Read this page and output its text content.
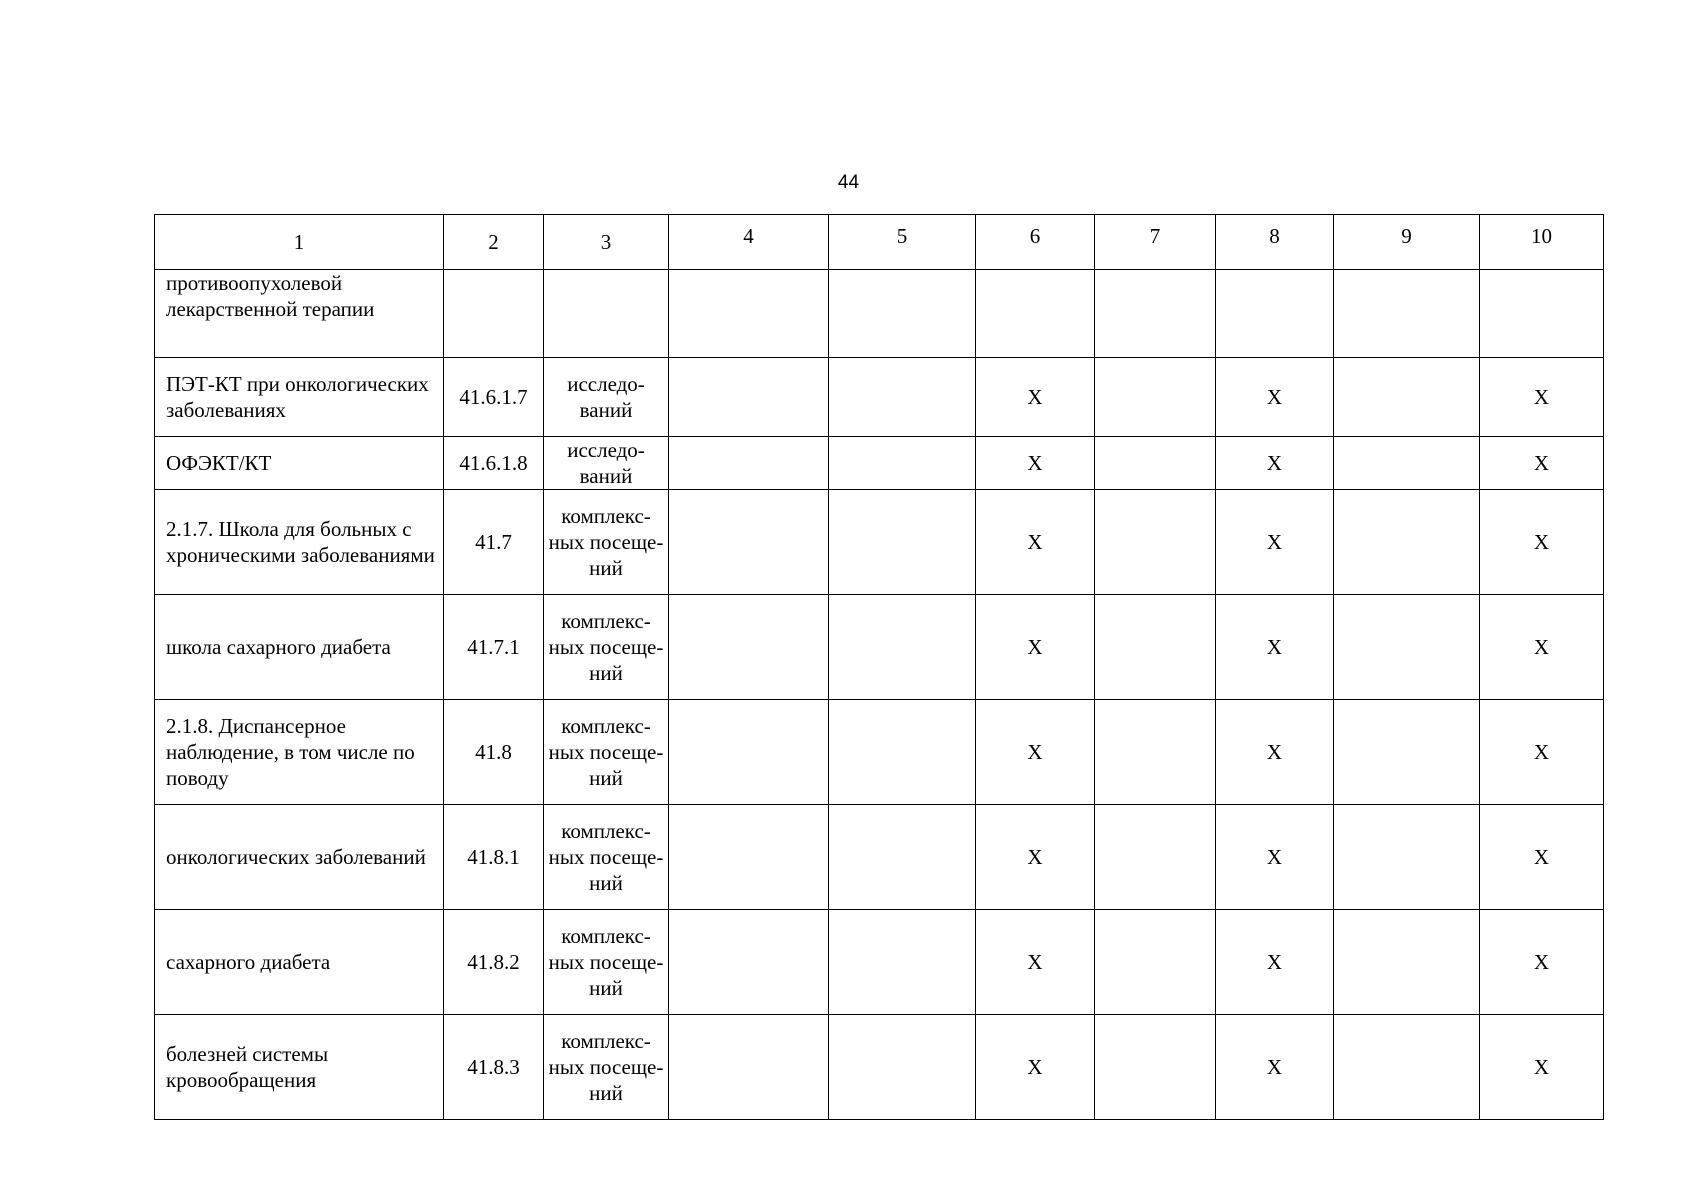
44
1	2	3	4	5	6	7	8	9	10
противоопухолевой лекарственной терапии									
ПЭТ-КТ при онкологических заболеваниях	41.6.1.7	исследо-ваний			Х		Х		Х
ОФЭКТ/КТ	41.6.1.8	исследо-ваний			Х		Х		Х
2.1.7. Школа для больных с хроническими заболеваниями	41.7	комплекс-ных посеще-ний			Х		Х		Х
школа сахарного диабета	41.7.1	комплекс-ных посеще-ний			Х		Х		Х
2.1.8. Диспансерное наблюдение, в том числе по поводу	41.8	комплекс-ных посеще-ний			Х		Х		Х
онкологических заболеваний	41.8.1	комплекс-ных посеще-ний			Х		Х		Х
сахарного диабета	41.8.2	комплекс-ных посеще-ний			Х		Х		Х
болезней системы кровообращения	41.8.3	комплекс-ных посеще-ний			Х		Х		Х
